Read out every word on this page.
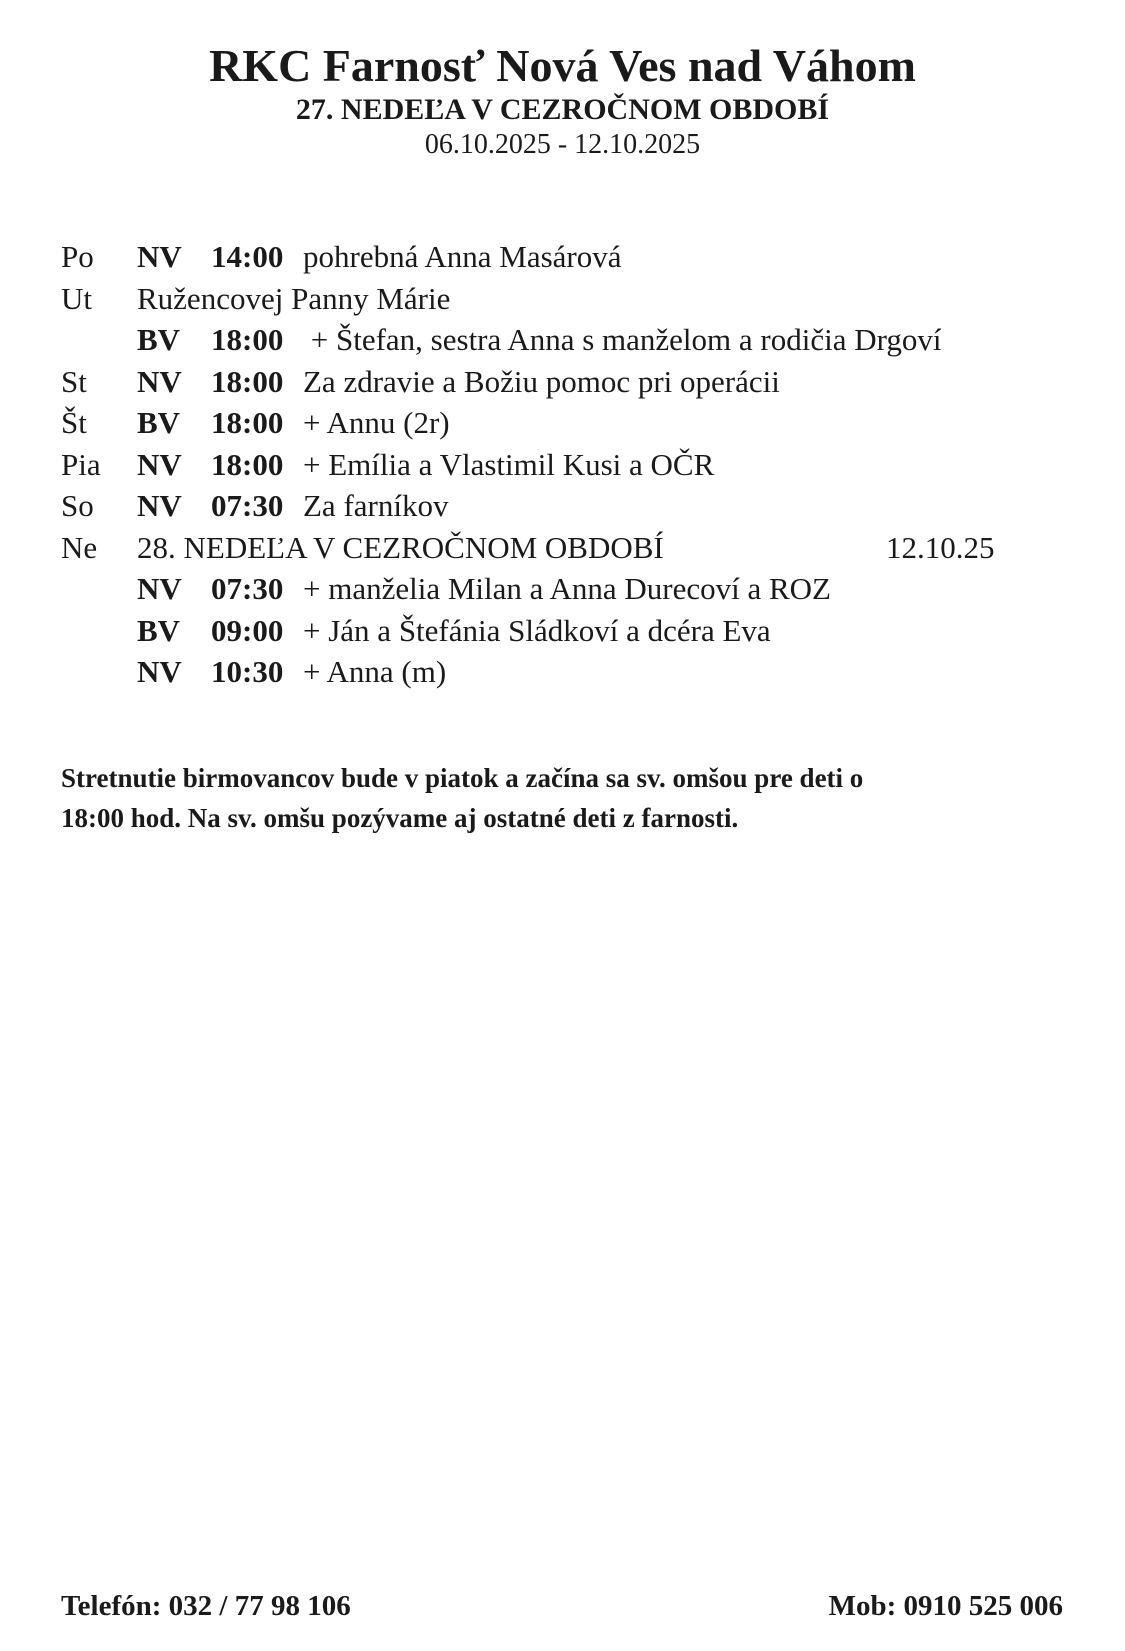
RKC Farnosť Nová Ves nad Váhom
27. NEDEĽA V CEZROČNOM OBDOBÍ
06.10.2025 - 12.10.2025
Po NV 14:00 pohrebná Anna Masárová
Ut Ružencovej Panny Márie
BV 18:00 + Štefan, sestra Anna s manželom a rodičia Drgoví
St NV 18:00 Za zdravie a Božiu pomoc pri operácii
Št BV 18:00 + Annu (2r)
Pia NV 18:00 + Emília a Vlastimil Kusi a OČR
So NV 07:30 Za farníkov
Ne 28. NEDEĽA V CEZROČNOM OBDOBÍ	12.10.25
NV 07:30 + manželia Milan a Anna Durecoví a ROZ
BV 09:00 + Ján a Štefánia Sládkoví a dcéra Eva
NV 10:30 + Anna (m)
Stretnutie birmovancov bude v piatok a začína sa sv. omšou pre deti o
18:00 hod. Na sv. omšu pozývame aj ostatné deti z farnosti.
Telefón: 032 / 77 98 106	Mob: 0910 525 006
